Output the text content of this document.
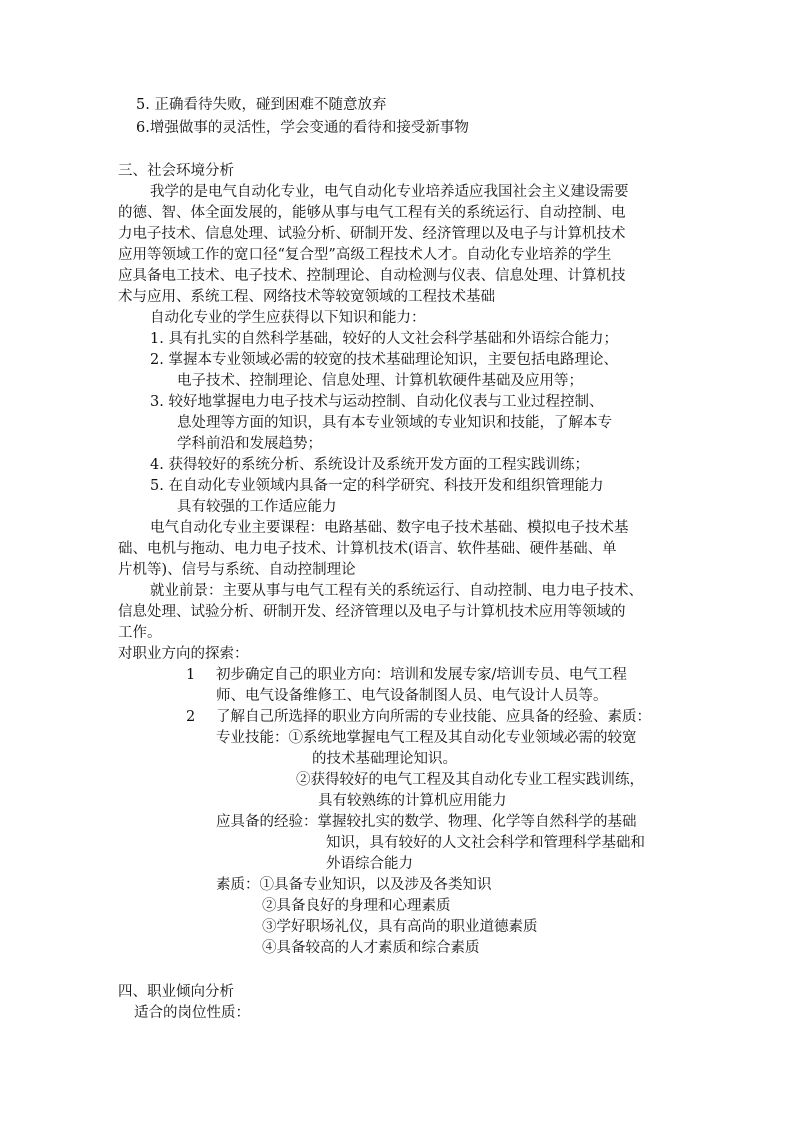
5. 正确看待失败，碰到困难不随意放弃
6.增强做事的灵活性，学会变通的看待和接受新事物
三、社会环境分析
我学的是电气自动化专业，电气自动化专业培养适应我国社会主义建设需要
的德、智、体全面发展的，能够从事与电气工程有关的系统运行、自动控制、电
力电子技术、信息处理、试验分析、研制开发、经济管理以及电子与计算机技术
应用等领域工作的宽口径“复合型”高级工程技术人才。自动化专业培养的学生
应具备电工技术、电子技术、控制理论、自动检测与仪表、信息处理、计算机技
术与应用、系统工程、网络技术等较宽领域的工程技术基础
自动化专业的学生应获得以下知识和能力：
1. 具有扎实的自然科学基础，较好的人文社会科学基础和外语综合能力；
2. 掌握本专业领域必需的较宽的技术基础理论知识，主要包括电路理论、
电子技术、控制理论、信息处理、计算机软硬件基础及应用等；
3. 较好地掌握电力电子技术与运动控制、自动化仪表与工业过程控制、
息处理等方面的知识，具有本专业领域的专业知识和技能，了解本专
学科前沿和发展趋势；
4. 获得较好的系统分析、系统设计及系统开发方面的工程实践训练；
5. 在自动化专业领域内具备一定的科学研究、科技开发和组织管理能力
具有较强的工作适应能力
电气自动化专业主要课程：电路基础、数字电子技术基础、模拟电子技术基
础、电机与拖动、电力电子技术、计算机技术(语言、软件基础、硬件基础、单
片机等)、信号与系统、自动控制理论
就业前景：主要从事与电气工程有关的系统运行、自动控制、电力电子技术、
信息处理、试验分析、研制开发、经济管理以及电子与计算机技术应用等领域的
工作。
对职业方向的探索：
1 初步确定自己的职业方向：培训和发展专家/培训专员、电气工程
师、电气设备维修工、电气设备制图人员、电气设计人员等。
2 了解自己所选择的职业方向所需的专业技能、应具备的经验、素质：
专业技能：①系统地掌握电气工程及其自动化专业领域必需的较宽
的技术基础理论知识。
②获得较好的电气工程及其自动化专业工程实践训练，
具有较熟练的计算机应用能力
应具备的经验：掌握较扎实的数学、物理、化学等自然科学的基础
知识，具有较好的人文社会科学和管理科学基础和
外语综合能力
素质：①具备专业知识，以及涉及各类知识
②具备良好的身理和心理素质
③学好职场礼仪，具有高尚的职业道德素质
④具备较高的人才素质和综合素质
四、职业倾向分析
适合的岗位性质：
